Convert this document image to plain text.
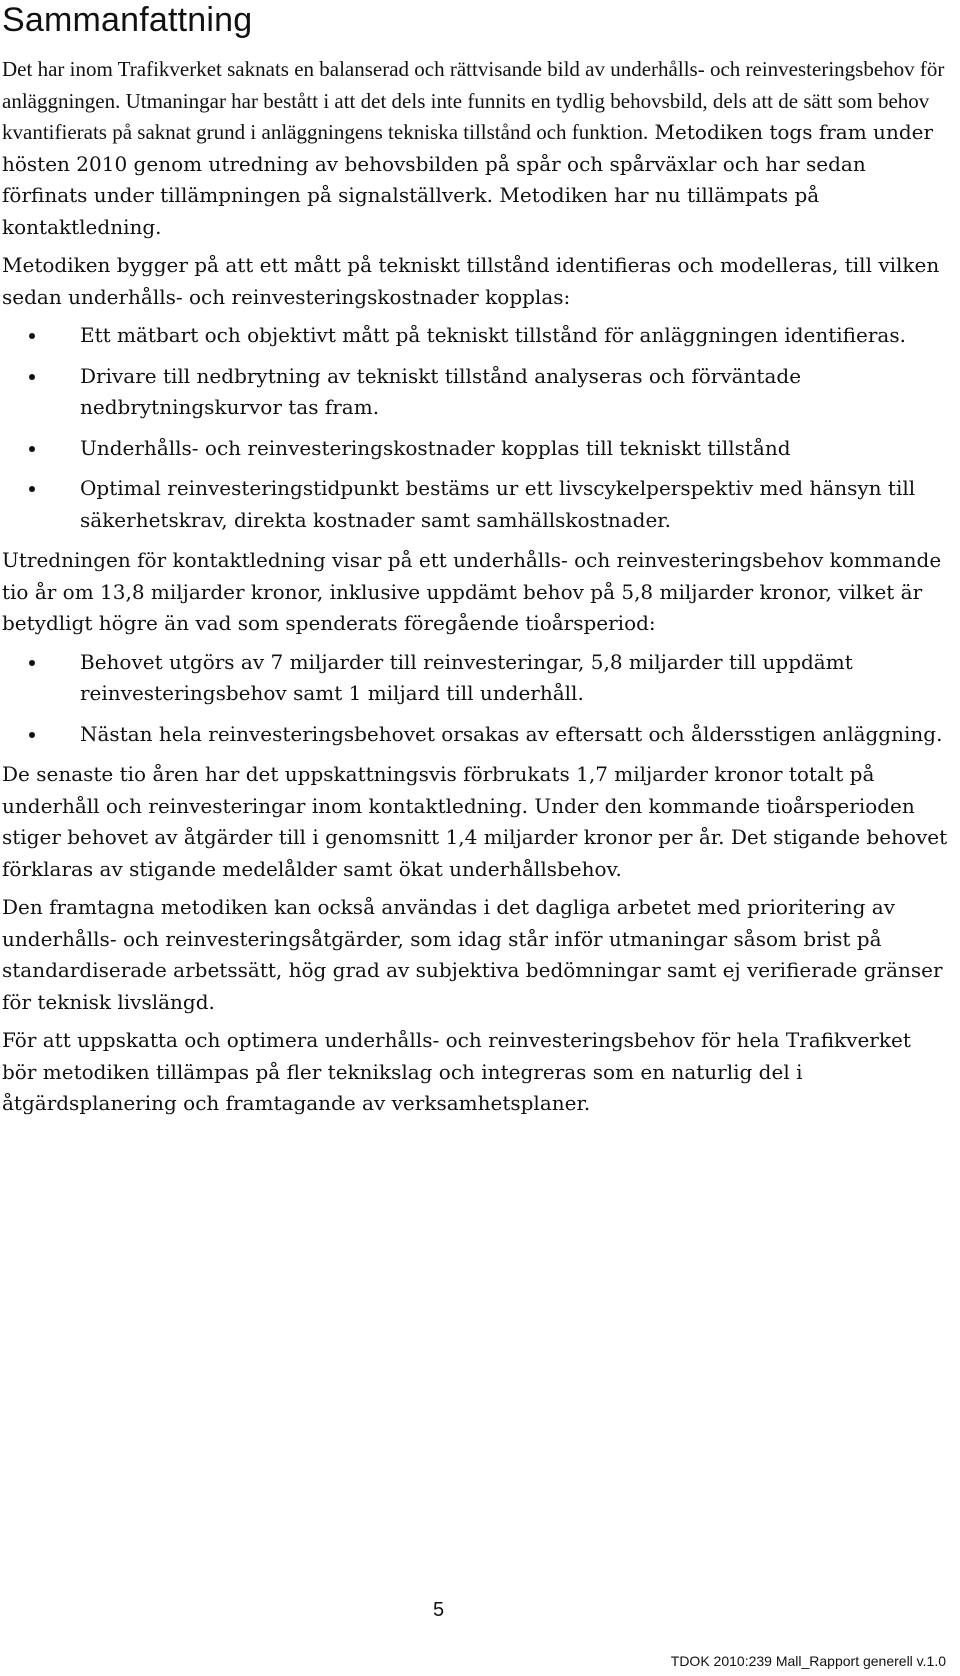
Sammanfattning

Det har inom Trafikverket saknats en balanserad och rättvisande bild av underhålls- och reinvesteringsbehov för anläggningen. Utmaningar har bestått i att det dels inte funnits en tydlig behovsbild, dels att de sätt som behov kvantifierats på saknat grund i anläggningens tekniska tillstånd och funktion. Metodiken togs fram under hösten 2010 genom utredning av behovsbilden på spår och spårväxlar och har sedan förfinats under tillämpningen på signalställverk. Metodiken har nu tillämpats på kontaktledning.

Metodiken bygger på att ett mått på tekniskt tillstånd identifieras och modelleras, till vilken sedan underhålls- och reinvesteringskostnader kopplas:

Ett mätbart och objektivt mått på tekniskt tillstånd för anläggningen identifieras.
Drivare till nedbrytning av tekniskt tillstånd analyseras och förväntade nedbrytningskurvor tas fram.
Underhålls- och reinvesteringskostnader kopplas till tekniskt tillstånd
Optimal reinvesteringstidpunkt bestäms ur ett livscykelperspektiv med hänsyn till säkerhetskrav, direkta kostnader samt samhällskostnader.

Utredningen för kontaktledning visar på ett underhålls- och reinvesteringsbehov kommande tio år om 13,8 miljarder kronor, inklusive uppdämt behov på 5,8 miljarder kronor, vilket är betydligt högre än vad som spenderats föregående tioårsperiod:

Behovet utgörs av 7 miljarder till reinvesteringar, 5,8 miljarder till uppdämt reinvesteringsbehov samt 1 miljard till underhåll.
Nästan hela reinvesteringsbehovet orsakas av eftersatt och åldersstigen anläggning.

De senaste tio åren har det uppskattningsvis förbrukats 1,7 miljarder kronor totalt på underhåll och reinvesteringar inom kontaktledning. Under den kommande tioårsperioden stiger behovet av åtgärder till i genomsnitt 1,4 miljarder kronor per år. Det stigande behovet förklaras av stigande medelålder samt ökat underhållsbehov.

Den framtagna metodiken kan också användas i det dagliga arbetet med prioritering av underhålls- och reinvesteringsåtgärder, som idag står inför utmaningar såsom brist på standardiserade arbetssätt, hög grad av subjektiva bedömningar samt ej verifierade gränser för teknisk livslängd.

För att uppskatta och optimera underhålls- och reinvesteringsbehov för hela Trafikverket bör metodiken tillämpas på fler teknikslag och integreras som en naturlig del i åtgärdsplanering och framtagande av verksamhetsplaner.

5
TDOK 2010:239 Mall_Rapport generell v.1.0
